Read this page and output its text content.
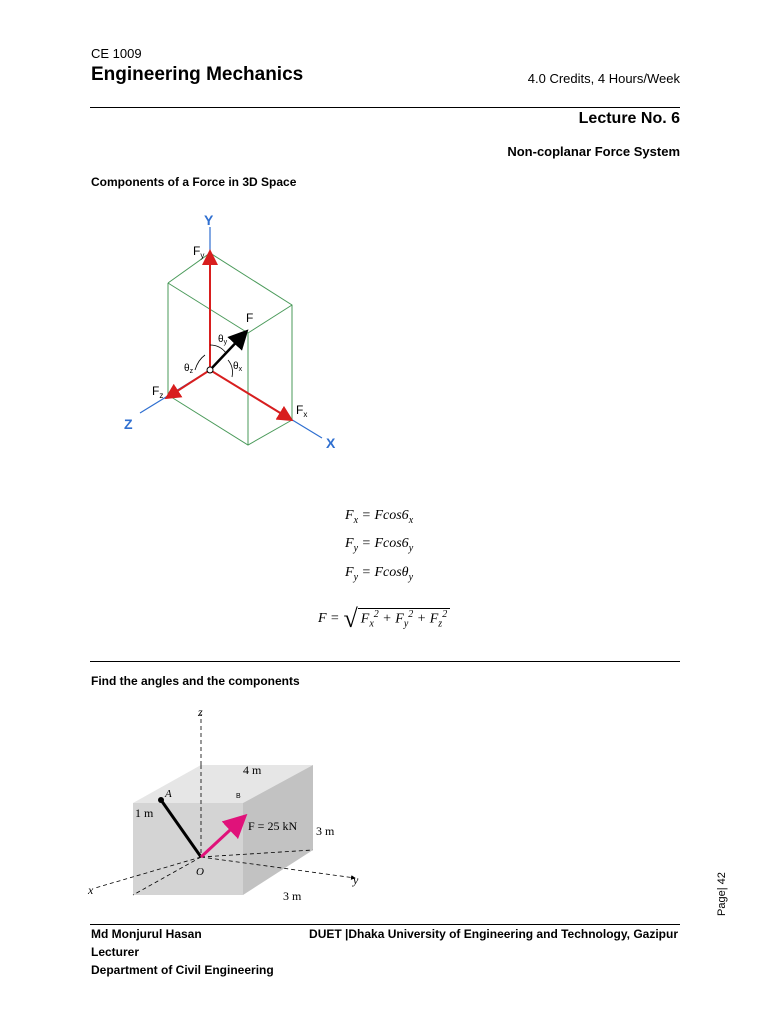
CE 1009
Engineering Mechanics	4.0 Credits, 4 Hours/Week
Lecture No. 6
Non-coplanar Force System
Components of a Force in 3D Space
Y
Z
X
$F_y$
$F_z$
$F_x$
F
$\theta_y$
$\theta_z$	$\theta_x$
$F_x = Fcos6_x$
$F_y = Fcos6_y$
$F_y = Fcos\theta_y$
F = √ $F_x^2 + F_y^2 + F_z^2$
Find the angles and the components
z
x
y
4 m
1 m
3 m
3 m
A	B
O
F = 25 kN
Md Monjurul Hasan
Lecturer
Department of Civil Engineering
DUET |Dhaka University of Engineering and Technology, Gazipur
Page| 42
